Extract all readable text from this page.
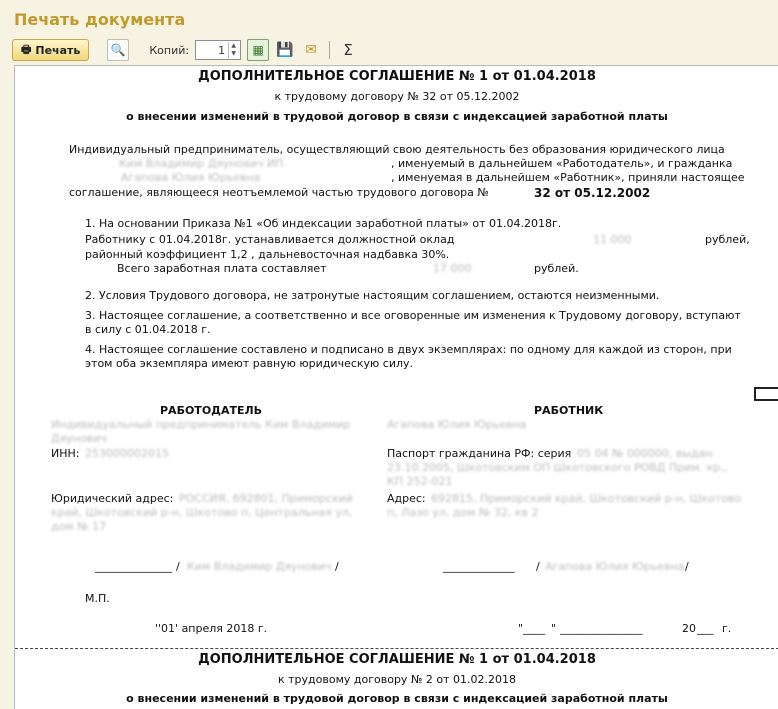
Печать документа
🖶 Печать	🔍 Копий:	1	▲
▼ ▦ 💾 ✉ Σ
ДОПОЛНИТЕЛЬНОЕ СОГЛАШЕНИЕ № 1 от 01.04.2018
к трудовому договору № 32 от 05.12.2002
о внесении изменений в трудовой договор в связи с индексацией заработной платы
Индивидуальный предприниматель, осуществляющий свою деятельность без образования юридического лица
Ким Владимир Дяунович ИП	, именуемый в дальнейшем «Работодатель», и гражданка
Агапова Юлия Юрьевна	, именуемая в дальнейшем «Работник», приняли настоящее
соглашение, являющееся неотъемлемой частью трудового договора №	32 от 05.12.2002
1. На основании Приказа №1 «Об индексации заработной платы» от 01.04.2018г.
Работнику с 01.04.2018г. устанавливается должностной оклад	11 000	рублей,
районный коэффициент 1,2 , дальневосточная надбавка 30%.
Всего заработная плата составляет	17 000	рублей.
2. Условия Трудового договора, не затронутые настоящим соглашением, остаются неизменными.
3. Настоящее соглашение, а соответственно и все оговоренные им изменения к Трудовому договору, вступают
в силу с 01.04.2018 г.
4. Настоящее соглашение составлено и подписано в двух экземплярах: по одному для каждой из сторон, при
этом оба экземпляра имеют равную юридическую силу.
РАБОТОДАТЕЛЬ	РАБОТНИК
Индивидуальный предприниматель Ким Владимир
Дяунович
Агапова Юлия Юрьевна
ИНН: 253000002015	Паспорт гражданина РФ: серия 05 04 № 000000, выдан
23.10.2005, Шкотовским ОП Шкотовского РОВД Прим. кр.,
КП 252-021
Юридический адрес: РОССИЯ, 692801, Приморский
край, Шкотовский р-н, Шкотово п, Центральная ул,
дом № 17
Адрес: 692815, Приморский край, Шкотовский р-н, Шкотово
п, Лазо ул, дом № 32, кв 2
______________ / Ким Владимир Дяунович /	_____________ / Агапова Юлия Юрьевна /
М.П.
''01' апреля 2018 г.	" ____ " _______________	20 ___ г.
ДОПОЛНИТЕЛЬНОЕ СОГЛАШЕНИЕ № 1 от 01.04.2018
к трудовому договору № 2 от 01.02.2018
о внесении изменений в трудовой договор в связи с индексацией заработной платы
